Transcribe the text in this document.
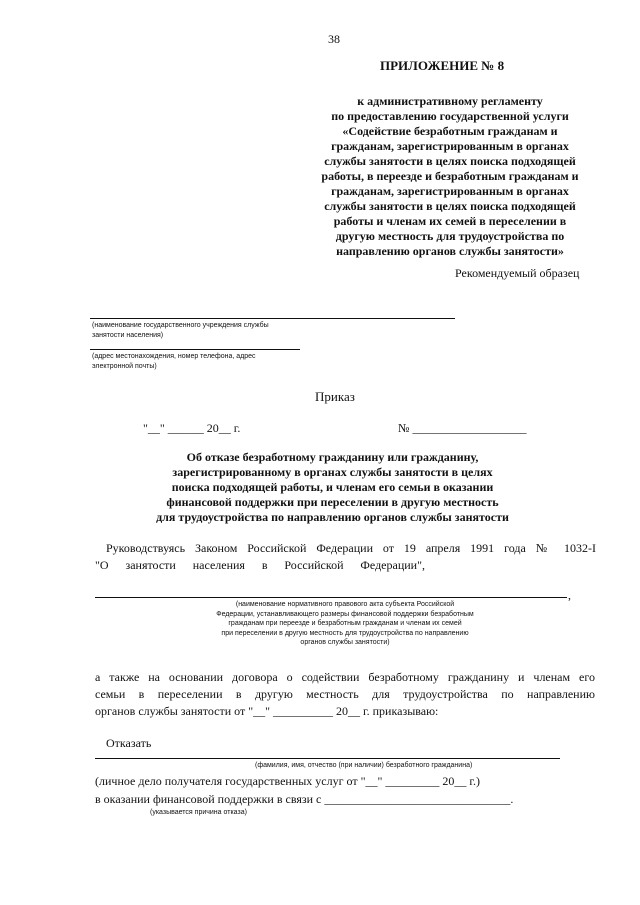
38
ПРИЛОЖЕНИЕ № 8
к административному регламенту
по предоставлению государственной услуги
«Содействие безработным гражданам и
гражданам, зарегистрированным в органах
службы занятости в целях поиска подходящей
работы, в переезде и безработным гражданам и
гражданам, зарегистрированным в органах
службы занятости в целях поиска подходящей
работы и членам их семей в переселении в
другую местность для трудоустройства по
направлению органов службы занятости»
Рекомендуемый образец
(наименование государственного учреждения службы
занятости населения)
(адрес местонахождения, номер телефона, адрес
электронной почты)
Приказ
"__" ______ 20__ г.	№ ___________________
Об отказе безработному гражданину или гражданину,
зарегистрированному в органах службы занятости в целях
поиска подходящей работы, и членам его семьи в оказании
финансовой поддержки при переселении в другую местность
для трудоустройства по направлению органов службы занятости
Руководствуясь Законом Российской Федерации от 19 апреля 1991 года № 1032-I
"О занятости населения в Российской Федерации",
,
(наименование нормативного правового акта субъекта Российской
Федерации, устанавливающего размеры финансовой поддержки безработным
гражданам при переезде и безработным гражданам и членам их семей
при переселении в другую местность для трудоустройства по направлению
органов службы занятости)
а также на основании договора о содействии безработному гражданину и членам его
семьи в переселении в другую местность для трудоустройства по направлению
органов службы занятости от "__" __________ 20__ г. приказываю:
Отказать
(фамилия, имя, отчество (при наличии) безработного гражданина)
(личное дело получателя государственных услуг от "__" _________ 20__ г.)
в оказании финансовой поддержки в связи с _______________________________.
(указывается причина отказа)
